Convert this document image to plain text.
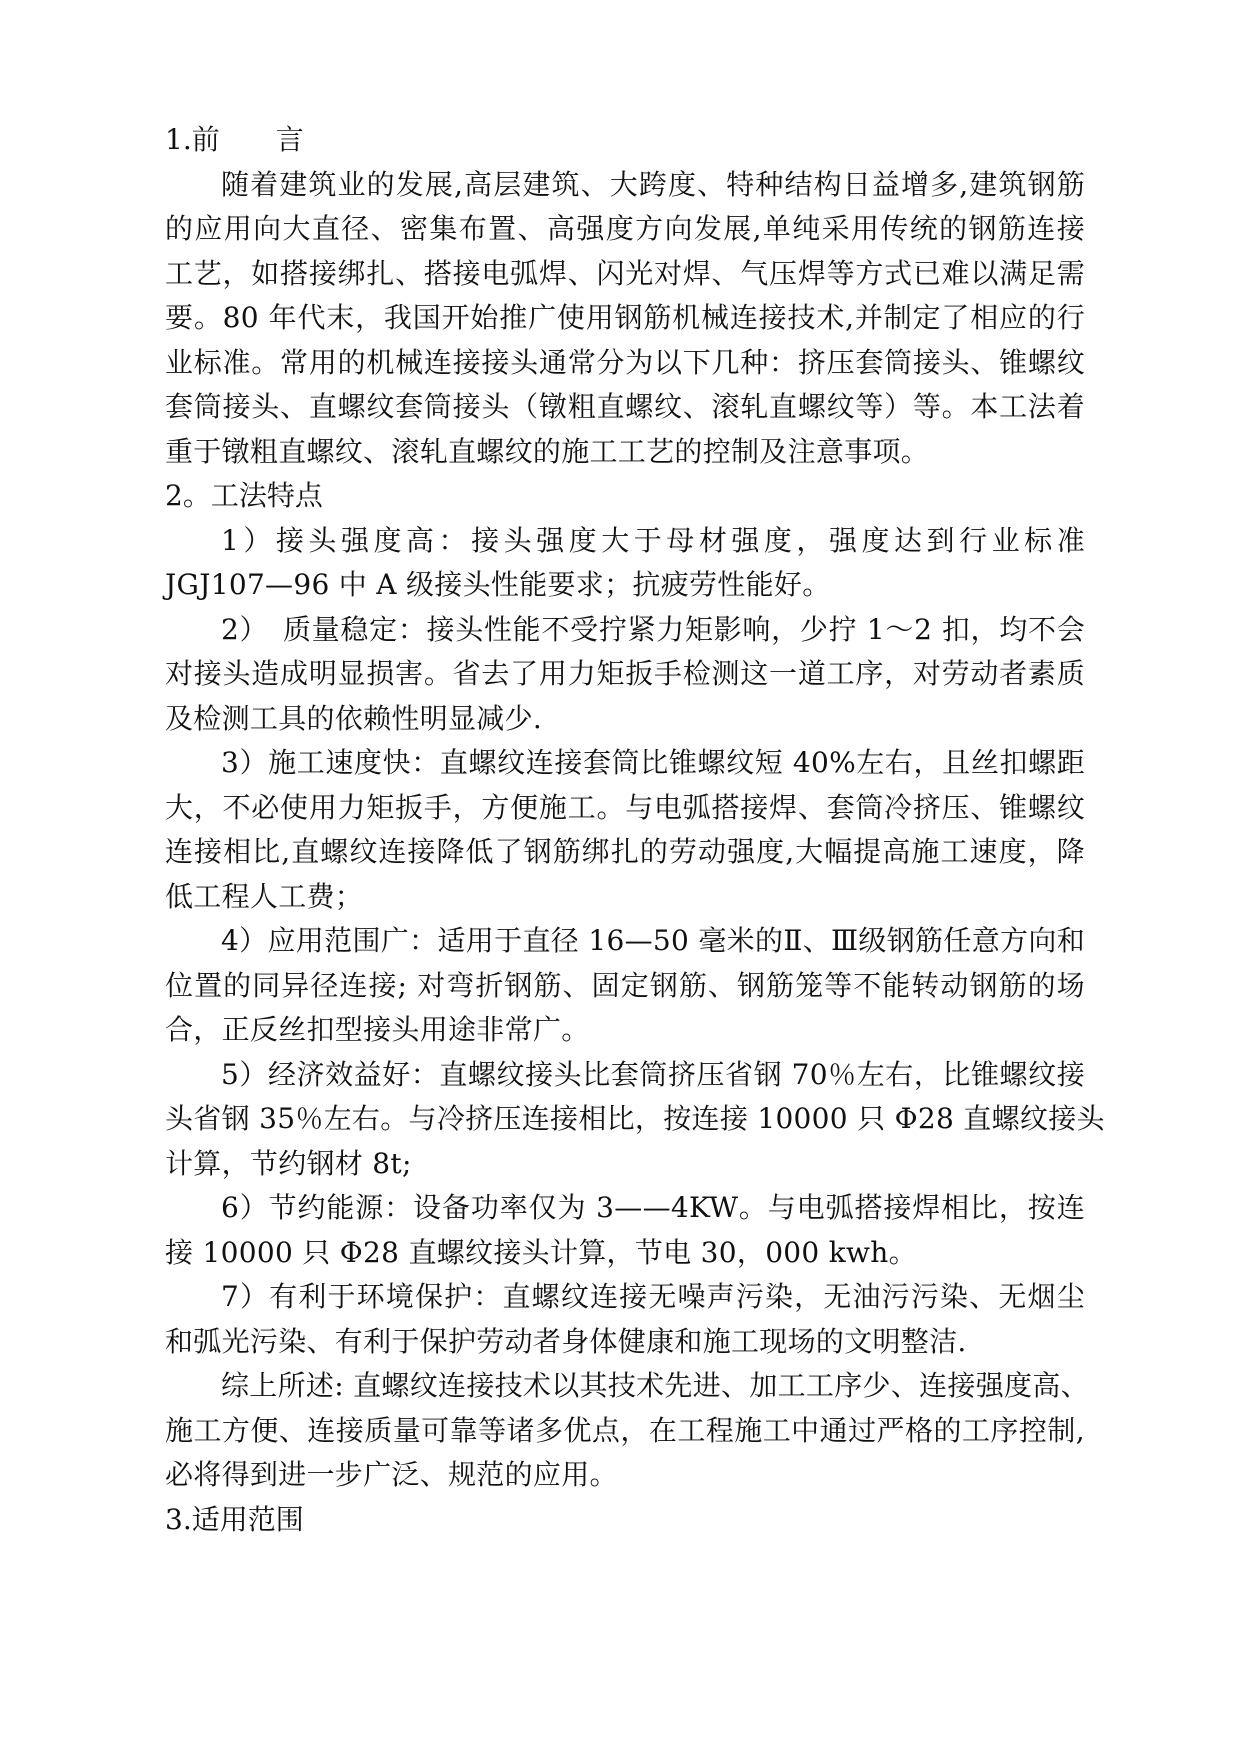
1.前　　言
随着建筑业的发展,高层建筑、大跨度、特种结构日益增多,建筑钢筋
的应用向大直径、密集布置、高强度方向发展,单纯采用传统的钢筋连接
工艺，如搭接绑扎、搭接电弧焊、闪光对焊、气压焊等方式已难以满足需
要。80 年代末，我国开始推广使用钢筋机械连接技术,并制定了相应的行
业标准。常用的机械连接接头通常分为以下几种：挤压套筒接头、锥螺纹
套筒接头、直螺纹套筒接头（镦粗直螺纹、滚轧直螺纹等）等。本工法着
重于镦粗直螺纹、滚轧直螺纹的施工工艺的控制及注意事项。
2。工法特点
1）接头强度高：接头强度大于母材强度，强度达到行业标准
JGJ107—96 中 A 级接头性能要求；抗疲劳性能好。
2）　质量稳定：接头性能不受拧紧力矩影响，少拧 1～2 扣，均不会
对接头造成明显损害。省去了用力矩扳手检测这一道工序，对劳动者素质
及检测工具的依赖性明显减少.
3）施工速度快：直螺纹连接套筒比锥螺纹短 40%左右，且丝扣螺距
大，不必使用力矩扳手，方便施工。与电弧搭接焊、套筒冷挤压、锥螺纹
连接相比,直螺纹连接降低了钢筋绑扎的劳动强度,大幅提高施工速度，降
低工程人工费；
4）应用范围广：适用于直径 16—50 毫米的Ⅱ、Ⅲ级钢筋任意方向和
位置的同异径连接; 对弯折钢筋、固定钢筋、钢筋笼等不能转动钢筋的场
合，正反丝扣型接头用途非常广。
5）经济效益好：直螺纹接头比套筒挤压省钢 70％左右，比锥螺纹接
头省钢 35％左右。与冷挤压连接相比，按连接 10000 只 Φ28 直螺纹接头
计算，节约钢材 8t;
6）节约能源：设备功率仅为 3——4KW。与电弧搭接焊相比，按连
接 10000 只 Φ28 直螺纹接头计算，节电 30，000 kwh。
7）有利于环境保护：直螺纹连接无噪声污染，无油污污染、无烟尘
和弧光污染、有利于保护劳动者身体健康和施工现场的文明整洁.
综上所述: 直螺纹连接技术以其技术先进、加工工序少、连接强度高、
施工方便、连接质量可靠等诸多优点，在工程施工中通过严格的工序控制,
必将得到进一步广泛、规范的应用。
3.适用范围
